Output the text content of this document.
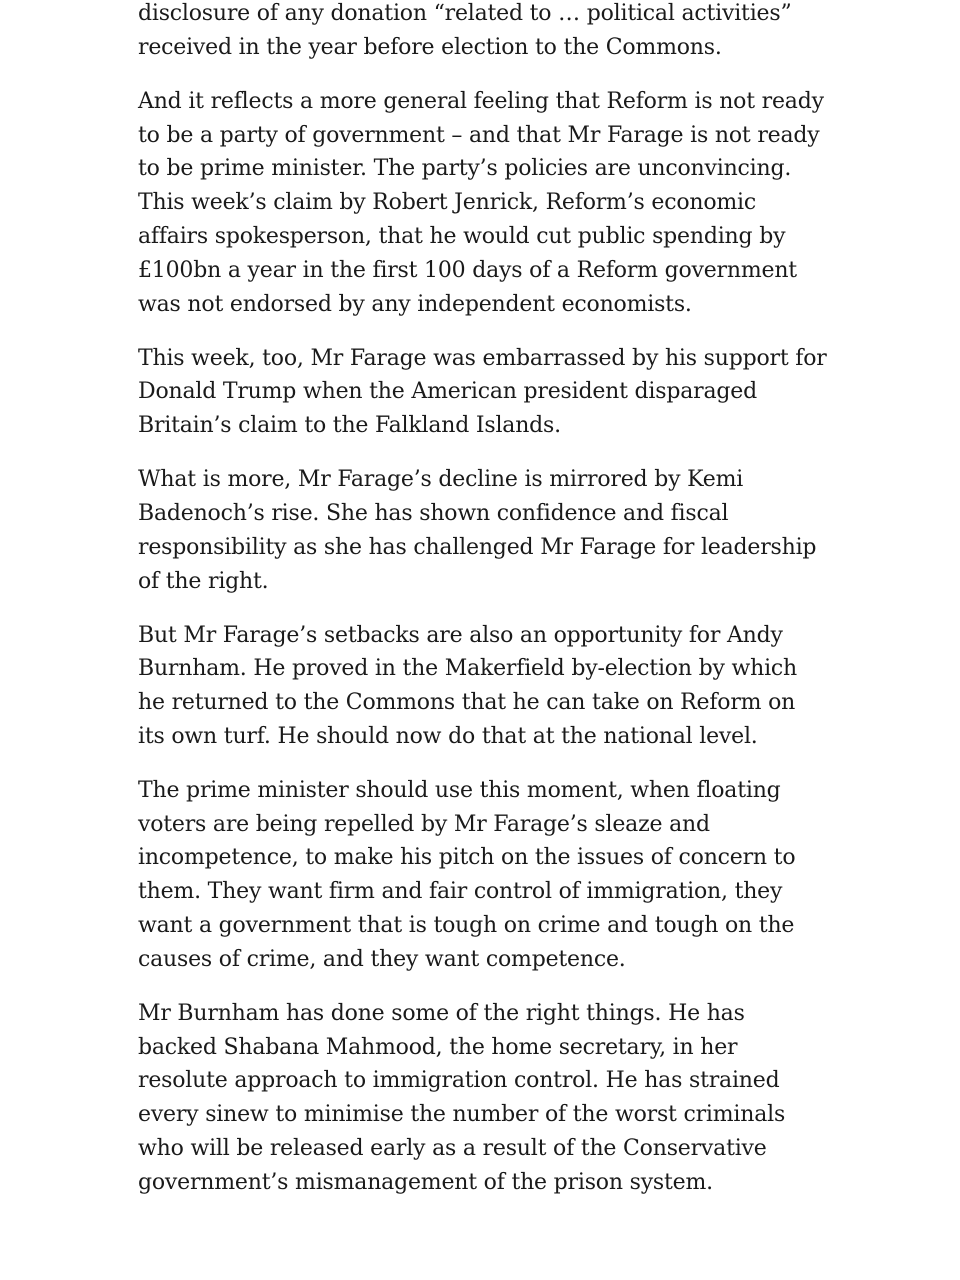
disclosure of any donation “related to … political activities” received in the year before election to the Commons.

And it reflects a more general feeling that Reform is not ready to be a party of government – and that Mr Farage is not ready to be prime minister. The party’s policies are unconvincing. This week’s claim by Robert Jenrick, Reform’s economic affairs spokesperson, that he would cut public spending by £100bn a year in the first 100 days of a Reform government was not endorsed by any independent economists.

This week, too, Mr Farage was embarrassed by his support for Donald Trump when the American president disparaged Britain’s claim to the Falkland Islands.

What is more, Mr Farage’s decline is mirrored by Kemi Badenoch’s rise. She has shown confidence and fiscal responsibility as she has challenged Mr Farage for leadership of the right.

But Mr Farage’s setbacks are also an opportunity for Andy Burnham. He proved in the Makerfield by-election by which he returned to the Commons that he can take on Reform on its own turf. He should now do that at the national level.

The prime minister should use this moment, when floating voters are being repelled by Mr Farage’s sleaze and incompetence, to make his pitch on the issues of concern to them. They want firm and fair control of immigration, they want a government that is tough on crime and tough on the causes of crime, and they want competence.

Mr Burnham has done some of the right things. He has backed Shabana Mahmood, the home secretary, in her resolute approach to immigration control. He has strained every sinew to minimise the number of the worst criminals who will be released early as a result of the Conservative government’s mismanagement of the prison system.
